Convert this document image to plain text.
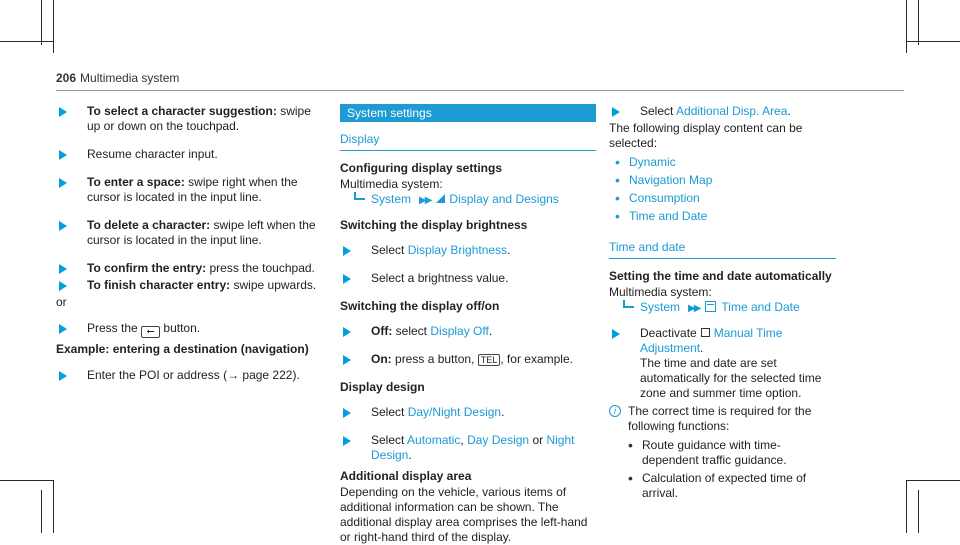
206 Multimedia system
To select a character suggestion: swipe up or down on the touchpad.
Resume character input.
To enter a space: swipe right when the cursor is located in the input line.
To delete a character: swipe left when the cursor is located in the input line.
To confirm the entry: press the touchpad.
To finish character entry: swipe upwards.
or
Press the ⭠ button.
Example: entering a destination (navigation)
Enter the POI or address (→ page 222).
System settings
Display
Configuring display settings
Multimedia system:
System ▶▶ Display and Designs
Switching the display brightness
Select Display Brightness.
Select a brightness value.
Switching the display off/on
Off: select Display Off.
On: press a button, TEL , for example.
Display design
Select Day/Night Design.
Select Automatic, Day Design or Night Design.
Additional display area
Depending on the vehicle, various items of additional information can be shown. The additional display area comprises the left-hand or right-hand third of the display.
Select Additional Disp. Area.
The following display content can be selected:
• Dynamic
• Navigation Map
• Consumption
• Time and Date
Time and date
Setting the time and date automatically
Multimedia system:
System ▶▶ Time and Date
Deactivate Manual Time Adjustment.
The time and date are set automatically for the selected time zone and summer time option.
i	The correct time is required for the following functions:
• Route guidance with time-dependent traffic guidance.
• Calculation of expected time of arrival.
